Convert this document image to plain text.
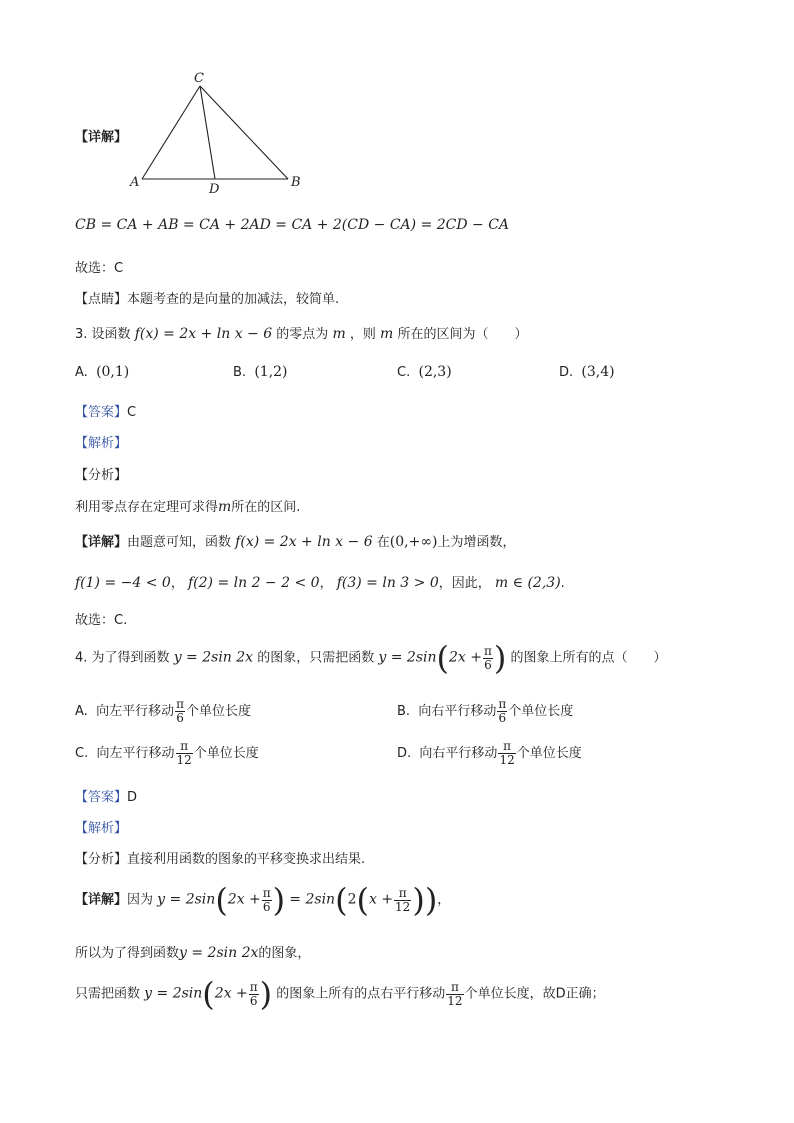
【详解】
C
A	D	B
CB = CA + AB = CA + 2AD = CA + 2(CD − CA) = 2CD − CA
故选：C
【点睛】本题考查的是向量的加减法，较简单.
3. 设函数 f(x) = 2x + ln x − 6 的零点为 m ，则 m 所在的区间为（　　）
A. (0,1)	B. (1,2)	C. (2,3)	D. (3,4)
【答案】C
【解析】
【分析】
利用零点存在定理可求得m所在的区间.
【详解】由题意可知，函数 f(x) = 2x + ln x − 6 在(0,+∞)上为增函数，
f(1) = −4 < 0， f(2) = ln 2 − 2 < 0， f(3) = ln 3 > 0，因此， m ∈ (2,3).
故选：C.
4. 为了得到函数 y = 2sin 2x 的图象，只需把函数 $y = 2\sin(2x + \frac{\pi}{6}$ ) 的图象上所有的点（　　）
A. 向左平行移动 $\frac{\pi}{6}$ 个单位长度	B. 向右平行移动 $\frac{\pi}{6}$ 个单位长度
C. 向左平行移动 $\frac{\pi}{12}$ 个单位长度	D. 向右平行移动 $\frac{\pi}{12}$ 个单位长度
【答案】D
【解析】
【分析】直接利用函数的图象的平移变换求出结果.
【详解】因为 $y = 2\sin(2x + \frac{\pi}{6}$ ) = $2\sin(2(x + \frac{\pi}{12}$ ))，
所以为了得到函数y = 2sin 2x的图象，
只需把函数 $y = 2\sin(2x + \frac{\pi}{6}$ ) 的图象上所有的点右平行移动 $\frac{\pi}{12}$ 个单位长度，故D正确；
